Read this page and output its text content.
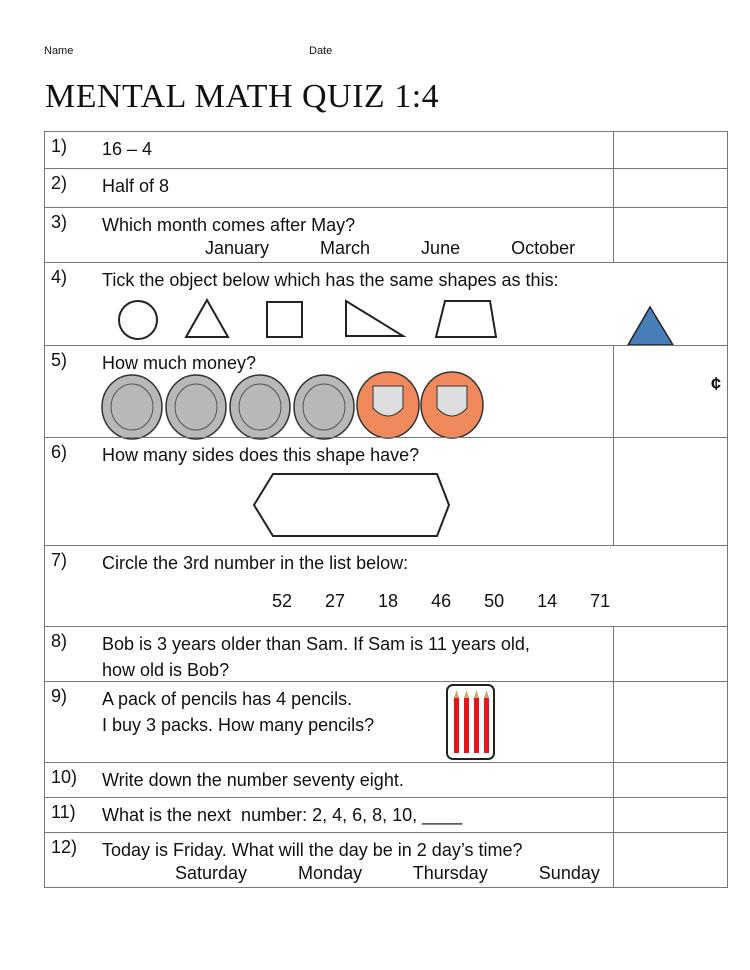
Name	Date
MENTAL MATH QUIZ 1:4
1) 16 – 4
2) Half of 8
3) Which month comes after May?
January   March   June   October
4) Tick the object below which has the same shapes as this:
5) How much money?
¢
6) How many sides does this shape have?
7) Circle the 3rd number in the list below:
52   27   18   46   50   14   71
8) Bob is 3 years older than Sam. If Sam is 11 years old,
how old is Bob?
9) A pack of pencils has 4 pencils.
I buy 3 packs. How many pencils?
10) Write down the number seventy eight.
11) What is the next  number: 2, 4, 6, 8, 10, ____
12) Today is Friday. What will the day be in 2 day’s time?
Saturday   Monday   Thursday   Sunday
